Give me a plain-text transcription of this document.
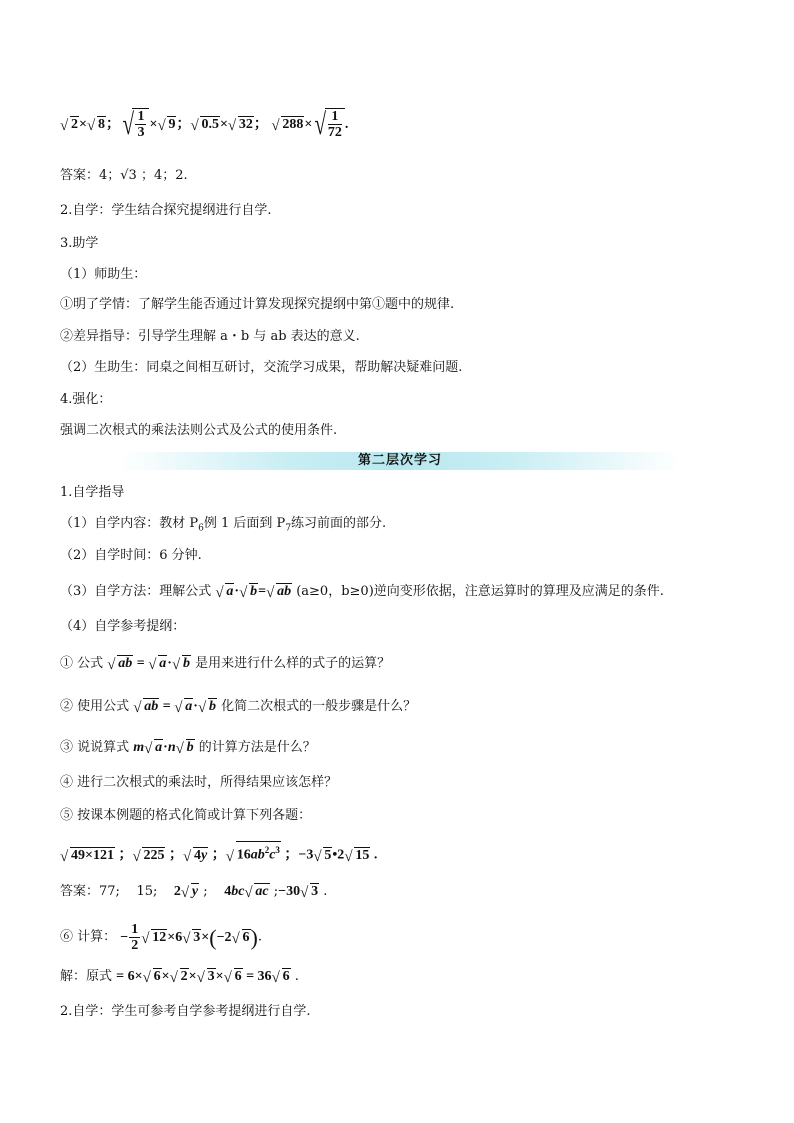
√ 2× √ 8； √ $\frac{1}{3}$ × √ 9； √ 0.5× √ 32； √ 288× √ $\frac{1}{72}$ .
答案：4；√3 ；4；2.
2.自学：学生结合探究提纲进行自学.
3.助学
（1）师助生：
①明了学情：了解学生能否通过计算发现探究提纲中第①题中的规律.
②差异指导：引导学生理解 a・b 与 ab 表达的意义.
（2）生助生：同桌之间相互研讨，交流学习成果，帮助解决疑难问题.
4.强化：
强调二次根式的乘法法则公式及公式的使用条件.
第二层次学习
1.自学指导
（1）自学内容：教材 $P_6$例 1 后面到 $P_7$练习前面的部分.
（2）自学时间：6 分钟.
（3）自学方法：理解公式 √ a· √ b= √ ab (a≥0，b≥0)逆向变形依据，注意运算时的算理及应满足的条件.
（4）自学参考提纲：
① 公式 √ ab = √ a· √ b 是用来进行什么样的式子的运算？
② 使用公式 √ ab = √ a· √ b 化简二次根式的一般步骤是什么？
③ 说说算式 m √ a·n √ b 的计算方法是什么？
④ 进行二次根式的乘法时，所得结果应该怎样？
⑤ 按课本例题的格式化简或计算下列各题：
√ 49×121 ； √ 225 ； √ 4y ； √ $16ab^2c^3$ ；−3 √ 5•2 √ 15 .
答案：77; 15; 2 √ y ;    4bc √ ac ;−30 √ 3 .
⑥ 计算： − $\frac{1}{2}$ √ 12×6 √ 3×(−2 √ 6).
解：原式 = 6× √ 6× √ 2× √ 3× √ 6 = 36 √ 6 .
2.自学：学生可参考自学参考提纲进行自学.
